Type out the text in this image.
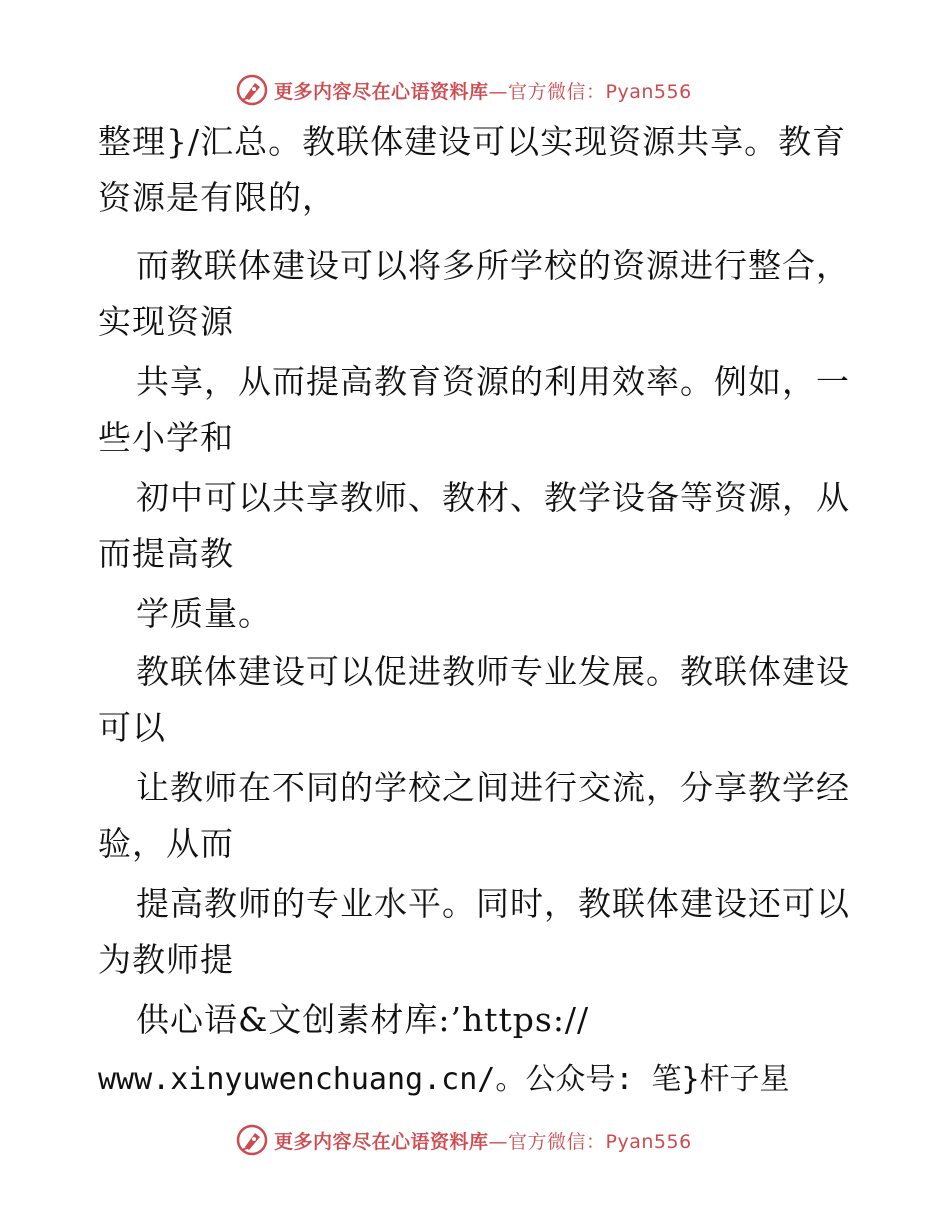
更多内容尽在心语资料库—官方微信：Pyan556
整理}/汇总。教联体建设可以实现资源共享。教育
资源是有限的，
而教联体建设可以将多所学校的资源进行整合，
实现资源
共享，从而提高教育资源的利用效率。例如，一
些小学和
初中可以共享教师、教材、教学设备等资源，从
而提高教
学质量。
教联体建设可以促进教师专业发展。教联体建设
可以
让教师在不同的学校之间进行交流，分享教学经
验，从而
提高教师的专业水平。同时，教联体建设还可以
为教师提
供心语&文创素材库:’https://
www.xinyuwenchuang.cn/。公众号: 笔}杆子星
更多内容尽在心语资料库—官方微信：Pyan556
